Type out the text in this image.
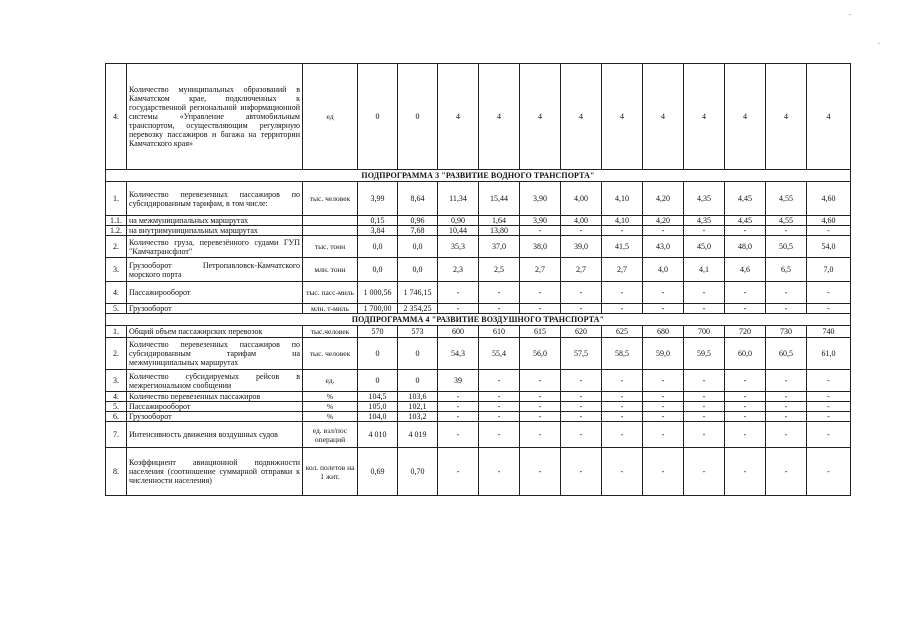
.
.
4.	Количество муниципальных образований в Камчатском крае, подключенных к государственной региональной информационной системы «Управление автомобильным транспортом, осуществляющим регулярную перевозку пассажиров и багажа на территории Камчатского края»	ед	0	0	4	4	4	4	4	4	4	4	4	4
ПОДПРОГРАММА 3 "РАЗВИТИЕ ВОДНОГО ТРАНСПОРТА"														
1.	Количество перевезенных пассажиров по субсидированным тарифам, в том числе:	тыс. человек	3,99	8,64	11,34	15,44	3,90	4,00	4,10	4,20	4,35	4,45	4,55	4,60
1.1.	на межмуниципальных маршрутах		0,15	0,96	0,90	1,64	3,90	4,00	4,10	4,20	4,35	4,45	4,55	4,60
1.2.	на внутримуниципальных маршрутах		3,84	7,68	10,44	13,80	-	-	-	-	-	-	-	-
2.	Количество груза, перевезённого судами ГУП "Камчатрансфлот"	тыс. тонн	0,0	0,0	35,3	37,0	38,0	39,0	41,5	43,0	45,0	48,0	50,5	54,0
3.	Грузооборот Петропавловск-Камчатского морского порта	млн. тонн	0,0	0,0	2,3	2,5	2,7	2,7	2,7	4,0	4,1	4,6	6,5	7,0
4.	Пассажирооборот	тыс. пасс-миль	1 000,56	1 746,15	-	-	-	-	-	-	-	-	-	-
5.	Грузооборот	млн. т-миль	1 700,00	2 354,25	-	-	-	-	-	-	-	-	-	-
ПОДПРОГРАММА 4 "РАЗВИТИЕ ВОЗДУШНОГО ТРАНСПОРТА"														
1.	Общий объем пассажирских перевозок	тыс.человек	570	573	600	610	615	620	625	680	700	720	730	740
2.	Количество перевезенных пассажиров по субсидированным тарифам на межмуниципальных маршрутах	тыс. человек	0	0	54,3	55,4	56,0	57,5	58,5	59,0	59,5	60,0	60,5	61,0
3.	Количество субсидируемых рейсов в межрегиональном сообщении	ед.	0	0	39	-	-	-	-	-	-	-	-	-
4.	Количество перевезенных пассажиров	%	104,5	103,6	-	-	-	-	-	-	-	-	-	-
5.	Пассажирооборот	%	105,0	102,1	-	-	-	-	-	-	-	-	-	-
6.	Грузооборот	%	104,0	103,2	-	-	-	-	-	-	-	-	-	-
7.	Интенсивность движения воздушных судов	ед. взл/пос операций	4 010	4 019	-	-	-	-	-	-	-	-	-	-
8.	Коэффициент авиационной подвижности населения (соотношение суммарной отправки к численности населения)	кол. полетов на 1 жит.	0,69	0,70	-	-	-	-	-	-	-	-	-	-
